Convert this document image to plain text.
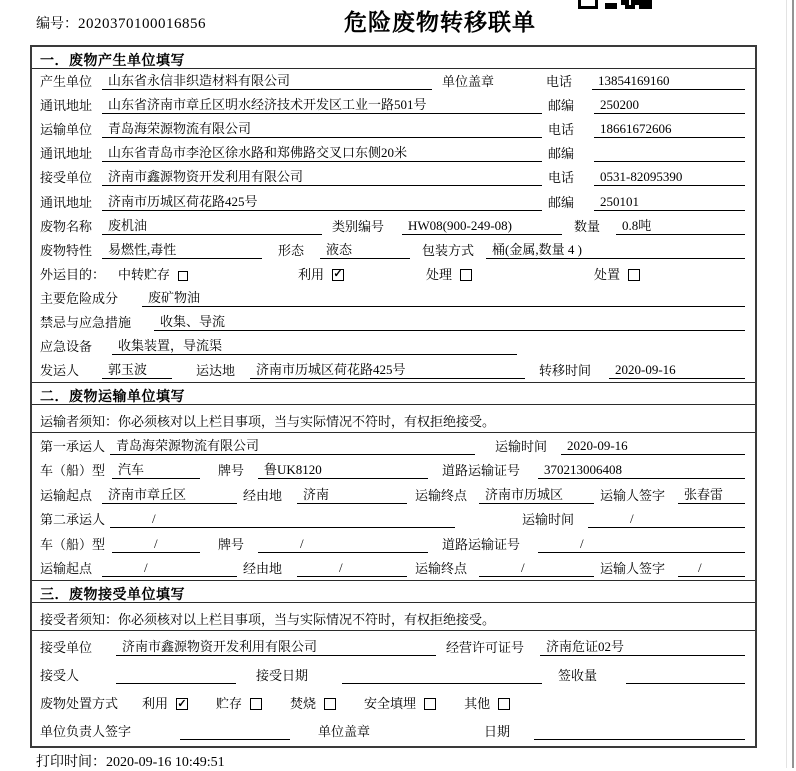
编号：2020370100016856	危险废物转移联单
一．废物产生单位填写
产生单位	山东省永信非织造材料有限公司	单位盖章	电话	13854169160
通讯地址	山东省济南市章丘区明水经济技术开发区工业一路501号	邮编	250200
运输单位	青岛海荣源物流有限公司	电话	18661672606
通讯地址	山东省青岛市李沧区徐水路和郑佛路交叉口东侧20米	邮编
接受单位	济南市鑫源物资开发利用有限公司	电话	0531-82095390
通讯地址	济南市历城区荷花路425号	邮编	250101
废物名称	废机油	类别编号	HW08(900-249-08)	数量	0.8吨
废物特性	易燃性,毒性	形态	液态	包装方式	桶(金属,数量 4 )
外运目的： 中转贮存	利用 ✓	处理	处置
主要危险成分	废矿物油
禁忌与应急措施	收集、导流
应急设备	收集装置，导流渠
发运人	郭玉波	运达地	济南市历城区荷花路425号	转移时间	2020-09-16
二．废物运输单位填写
运输者须知：你必须核对以上栏目事项，当与实际情况不符时，有权拒绝接受。
第一承运人 青岛海荣源物流有限公司	运输时间	2020-09-16
车（船）型 汽车	牌号	鲁UK8120	道路运输证号	370213006408
运输起点	济南市章丘区	经由地	济南	运输终点	济南市历城区	运输人签字	张春雷
第二承运人	/	运输时间	/
车（船）型	/	牌号	/	道路运输证号	/
运输起点	/	经由地	/	运输终点	/	运输人签字	/
三．废物接受单位填写
接受者须知：你必须核对以上栏目事项，当与实际情况不符时，有权拒绝接受。
接受单位	济南市鑫源物资开发利用有限公司	经营许可证号	济南危证02号
接受人	接受日期	签收量
废物处置方式 利用 ✓ 贮存	焚烧	安全填埋	其他
单位负责人签字	单位盖章	日期
打印时间：2020-09-16 10:49:51
